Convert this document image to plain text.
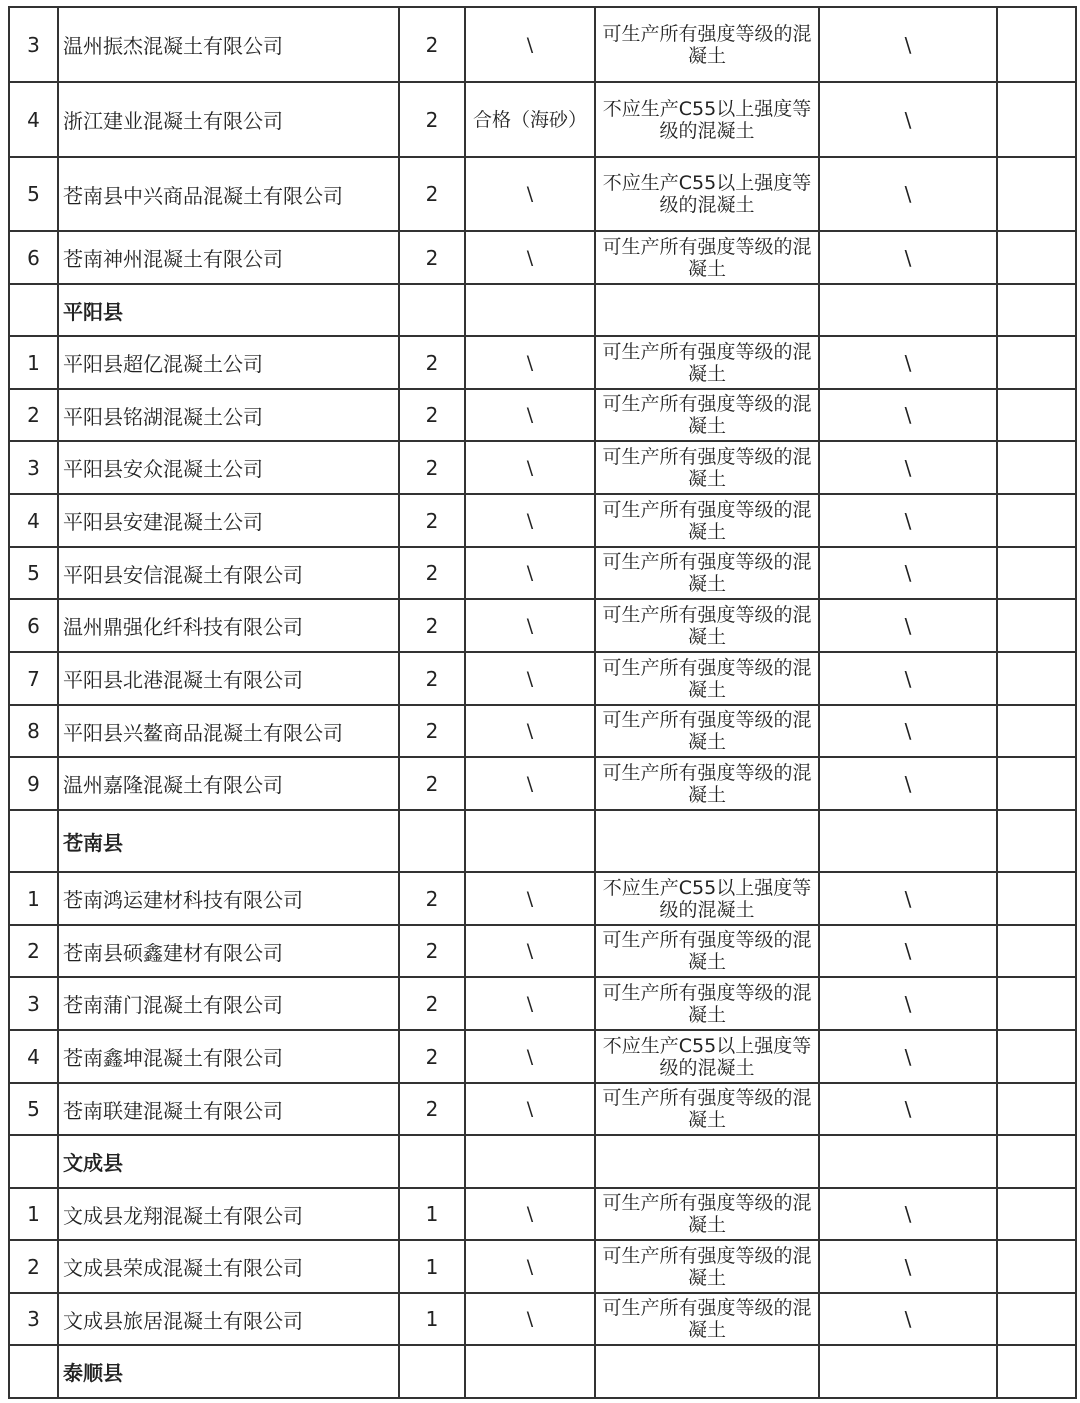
3	温州振杰混凝土有限公司	2	\	可生产所有强度等级的混凝土	\	
4	浙江建业混凝土有限公司	2	合格（海砂）	不应生产C55以上强度等级的混凝土	\	
5	苍南县中兴商品混凝土有限公司	2	\	不应生产C55以上强度等级的混凝土	\	
6	苍南神州混凝土有限公司	2	\	可生产所有强度等级的混凝土	\	
	平阳县					
1	平阳县超亿混凝土公司	2	\	可生产所有强度等级的混凝土	\	
2	平阳县铭湖混凝土公司	2	\	可生产所有强度等级的混凝土	\	
3	平阳县安众混凝土公司	2	\	可生产所有强度等级的混凝土	\	
4	平阳县安建混凝土公司	2	\	可生产所有强度等级的混凝土	\	
5	平阳县安信混凝土有限公司	2	\	可生产所有强度等级的混凝土	\	
6	温州鼎强化纤科技有限公司	2	\	可生产所有强度等级的混凝土	\	
7	平阳县北港混凝土有限公司	2	\	可生产所有强度等级的混凝土	\	
8	平阳县兴鳌商品混凝土有限公司	2	\	可生产所有强度等级的混凝土	\	
9	温州嘉隆混凝土有限公司	2	\	可生产所有强度等级的混凝土	\	
	苍南县					
1	苍南鸿运建材科技有限公司	2	\	不应生产C55以上强度等级的混凝土	\	
2	苍南县硕鑫建材有限公司	2	\	可生产所有强度等级的混凝土	\	
3	苍南蒲门混凝土有限公司	2	\	可生产所有强度等级的混凝土	\	
4	苍南鑫坤混凝土有限公司	2	\	不应生产C55以上强度等级的混凝土	\	
5	苍南联建混凝土有限公司	2	\	可生产所有强度等级的混凝土	\	
	文成县					
1	文成县龙翔混凝土有限公司	1	\	可生产所有强度等级的混凝土	\	
2	文成县荣成混凝土有限公司	1	\	可生产所有强度等级的混凝土	\	
3	文成县旅居混凝土有限公司	1	\	可生产所有强度等级的混凝土	\	
	泰顺县					
